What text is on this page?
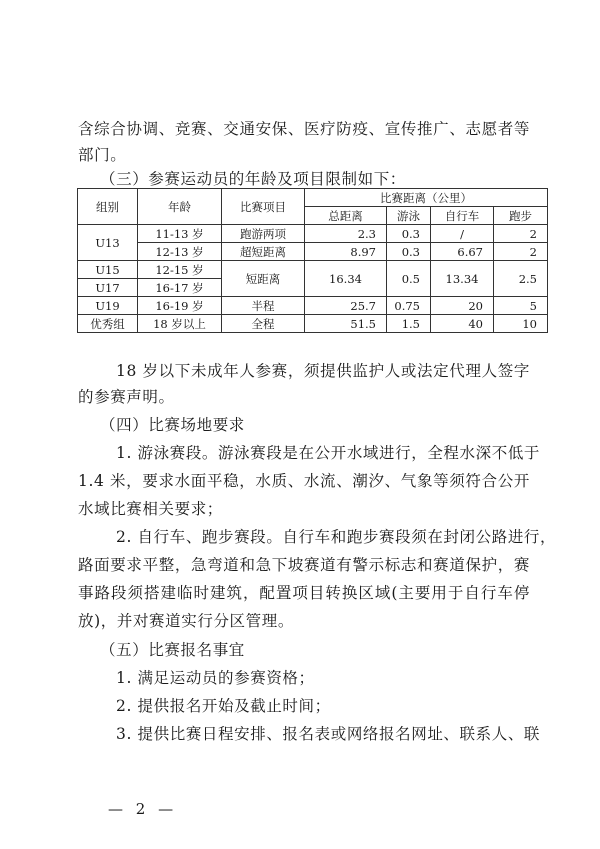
含综合协调、竞赛、交通安保、医疗防疫、宣传推广、志愿者等
部门。
（三）参赛运动员的年龄及项目限制如下：
组别	年龄	比赛项目	比赛距离（公里）			
			总距离	游泳	自行车	跑步
U13	11-13 岁	跑游两项	2.3	0.3	/	2
	12-13 岁	超短距离	8.97	0.3	6.67	2
U15	12-15 岁	短距离	16.34	0.5	13.34	2.5
U17	16-17 岁					
U19	16-19 岁	半程	25.7	0.75	20	5
优秀组	18 岁以上	全程	51.5	1.5	40	10
18 岁以下未成年人参赛，须提供监护人或法定代理人签字
的参赛声明。
（四）比赛场地要求
1. 游泳赛段。游泳赛段是在公开水域进行，全程水深不低于
1.4 米，要求水面平稳，水质、水流、潮汐、气象等须符合公开
水域比赛相关要求；
2. 自行车、跑步赛段。自行车和跑步赛段须在封闭公路进行，
路面要求平整，急弯道和急下坡赛道有警示标志和赛道保护，赛
事路段须搭建临时建筑，配置项目转换区域(主要用于自行车停
放)，并对赛道实行分区管理。
（五）比赛报名事宜
1. 满足运动员的参赛资格；
2. 提供报名开始及截止时间；
3. 提供比赛日程安排、报名表或网络报名网址、联系人、联
— 2 —
